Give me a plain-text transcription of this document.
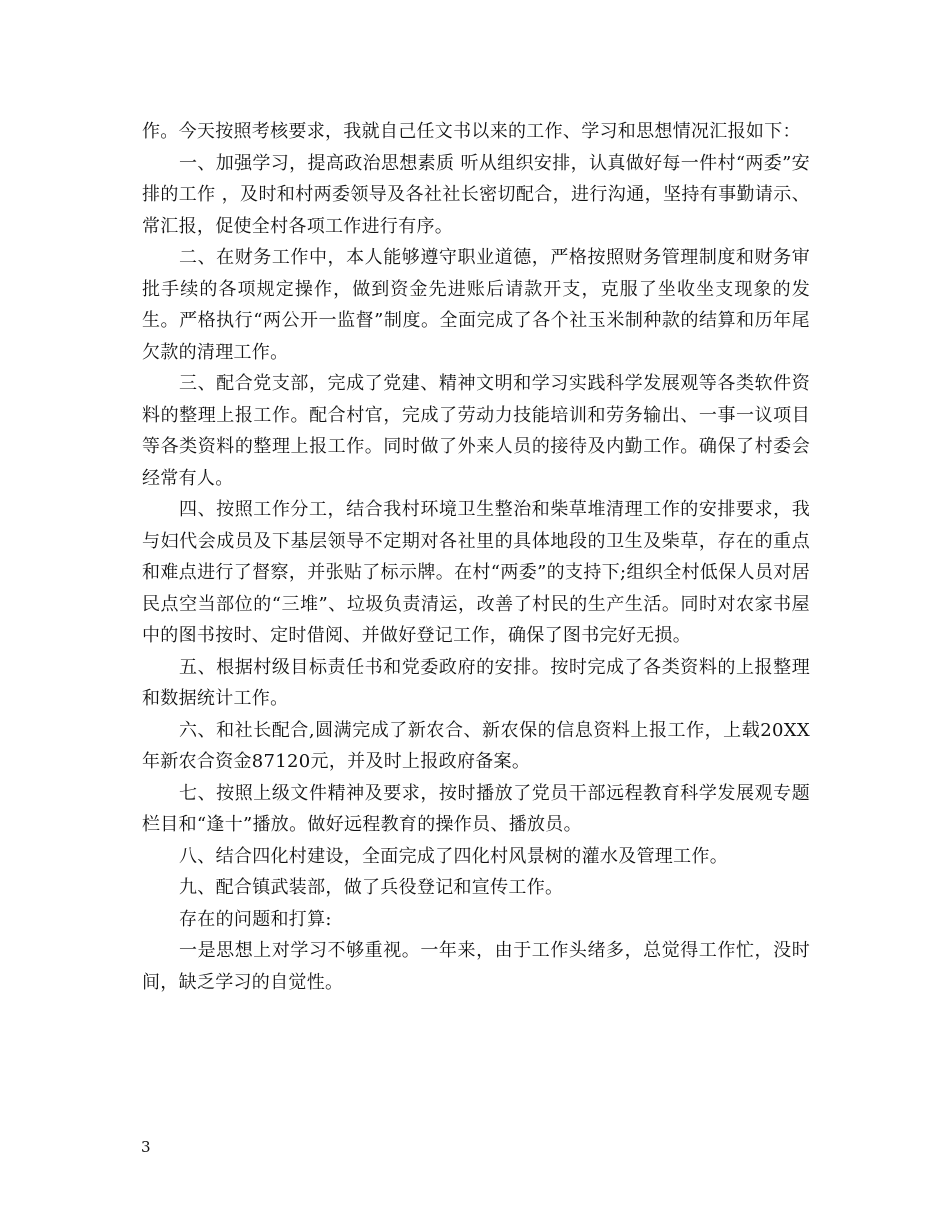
作。今天按照考核要求，我就自己任文书以来的工作、学习和思想情况汇报如下：

一、加强学习，提高政治思想素质 听从组织安排，认真做好每一件村“两委”安排的工作 ，及时和村两委领导及各社社长密切配合，进行沟通，坚持有事勤请示、常汇报，促使全村各项工作进行有序。

二、在财务工作中，本人能够遵守职业道德，严格按照财务管理制度和财务审批手续的各项规定操作，做到资金先进账后请款开支，克服了坐收坐支现象的发生。严格执行“两公开一监督”制度。全面完成了各个社玉米制种款的结算和历年尾欠款的清理工作。

三、配合党支部，完成了党建、精神文明和学习实践科学发展观等各类软件资料的整理上报工作。配合村官，完成了劳动力技能培训和劳务输出、一事一议项目等各类资料的整理上报工作。同时做了外来人员的接待及内勤工作。确保了村委会经常有人。

四、按照工作分工，结合我村环境卫生整治和柴草堆清理工作的安排要求，我与妇代会成员及下基层领导不定期对各社里的具体地段的卫生及柴草，存在的重点和难点进行了督察，并张贴了标示牌。在村“两委”的支持下;组织全村低保人员对居民点空当部位的“三堆”、垃圾负责清运，改善了村民的生产生活。同时对农家书屋中的图书按时、定时借阅、并做好登记工作，确保了图书完好无损。

五、根据村级目标责任书和党委政府的安排。按时完成了各类资料的上报整理和数据统计工作。

六、和社长配合,圆满完成了新农合、新农保的信息资料上报工作，上载20XX年新农合资金87120元，并及时上报政府备案。

七、按照上级文件精神及要求，按时播放了党员干部远程教育科学发展观专题栏目和“逢十”播放。做好远程教育的操作员、播放员。

八、结合四化村建设，全面完成了四化村风景树的灌水及管理工作。

九、配合镇武装部，做了兵役登记和宣传工作。

存在的问题和打算:

一是思想上对学习不够重视。一年来，由于工作头绪多，总觉得工作忙，没时间，缺乏学习的自觉性。

3
